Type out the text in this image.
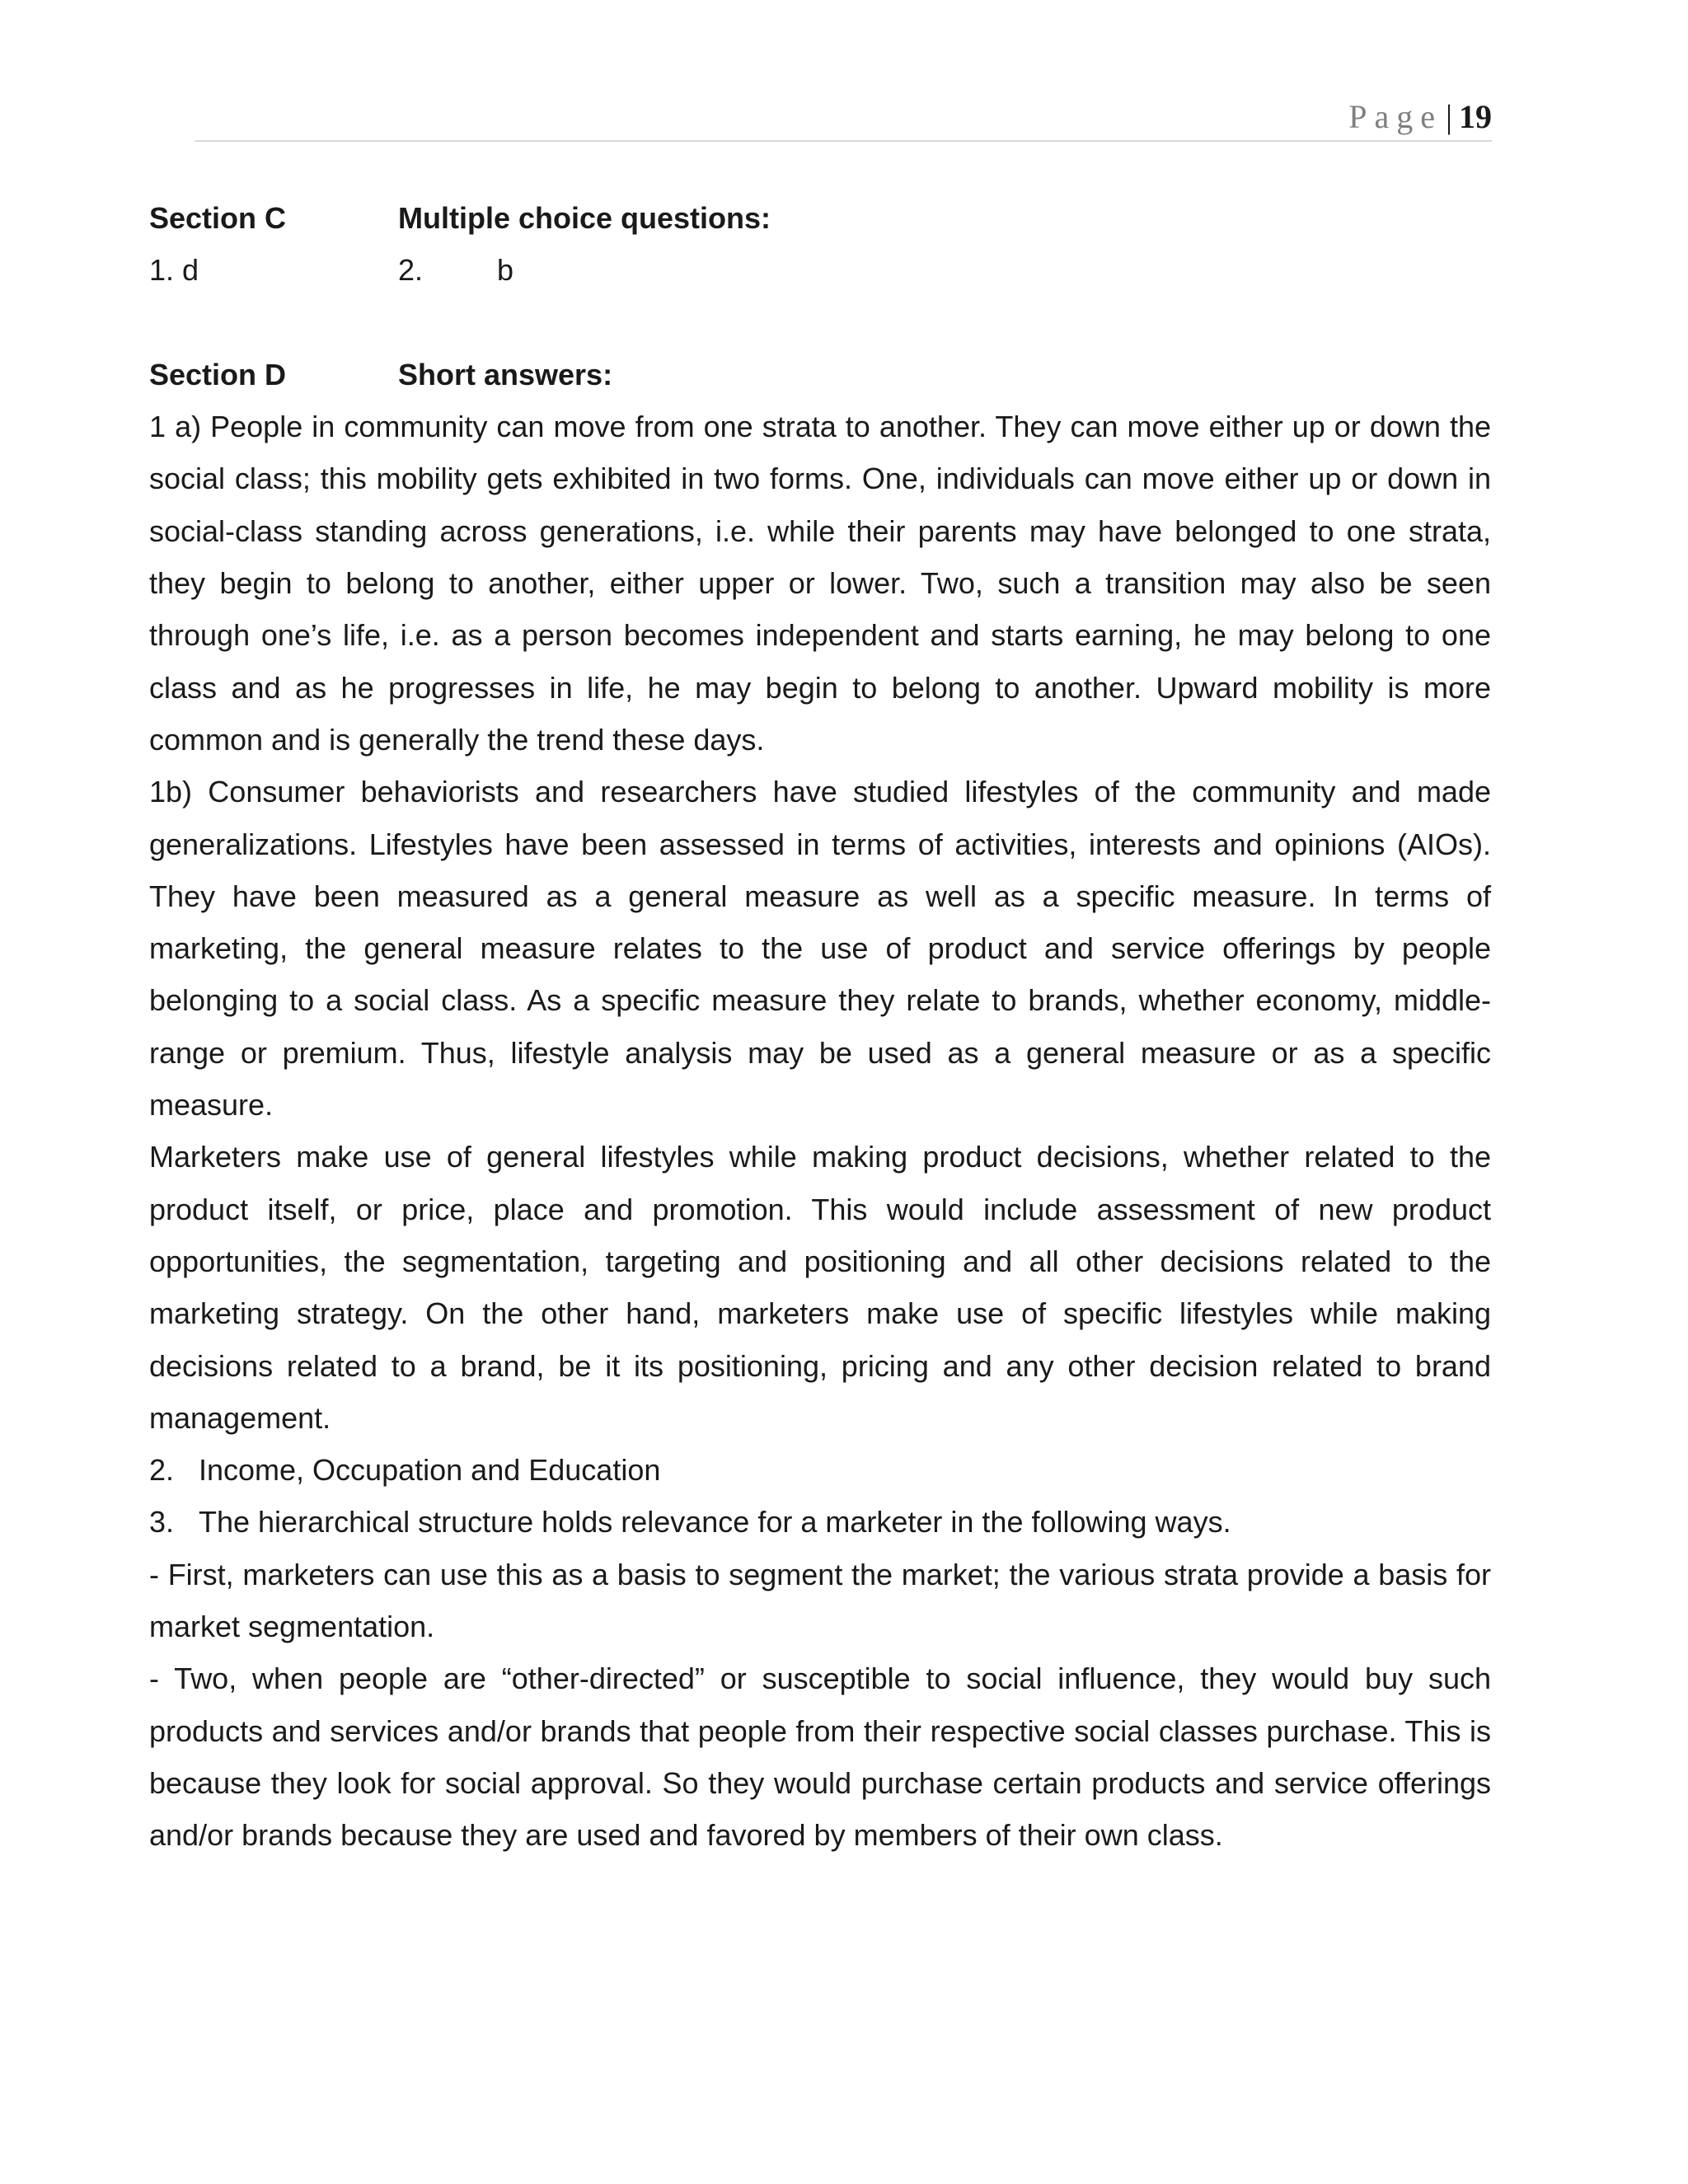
Page | 19
Section C	Multiple choice questions:
1. d	2.	b
Section D	Short answers:

1 a) People in community can move from one strata to another. They can move either up or down the social class; this mobility gets exhibited in two forms. One, individuals can move either up or down in social-class standing across generations, i.e. while their parents may have belonged to one strata, they begin to belong to another, either upper or lower. Two, such a transition may also be seen through one’s life, i.e. as a person becomes independent and starts earning, he may belong to one class and as he progresses in life, he may begin to belong to another. Upward mobility is more common and is generally the trend these days.

1b) Consumer behaviorists and researchers have studied lifestyles of the community and made generalizations. Lifestyles have been assessed in terms of activities, interests and opinions (AIOs). They have been measured as a general measure as well as a specific measure. In terms of marketing, the general measure relates to the use of product and service offerings by people belonging to a social class. As a specific measure they relate to brands, whether economy, middle-range or premium. Thus, lifestyle analysis may be used as a general measure or as a specific measure.

Marketers make use of general lifestyles while making product decisions, whether related to the product itself, or price, place and promotion. This would include assessment of new product opportunities, the segmentation, targeting and positioning and all other decisions related to the marketing strategy. On the other hand, marketers make use of specific lifestyles while making decisions related to a brand, be it its positioning, pricing and any other decision related to brand management.

2. Income, Occupation and Education

3. The hierarchical structure holds relevance for a marketer in the following ways.

- First, marketers can use this as a basis to segment the market; the various strata provide a basis for market segmentation.

- Two, when people are “other-directed” or susceptible to social influence, they would buy such products and services and/or brands that people from their respective social classes purchase. This is because they look for social approval. So they would purchase certain products and service offerings and/or brands because they are used and favored by members of their own class.
